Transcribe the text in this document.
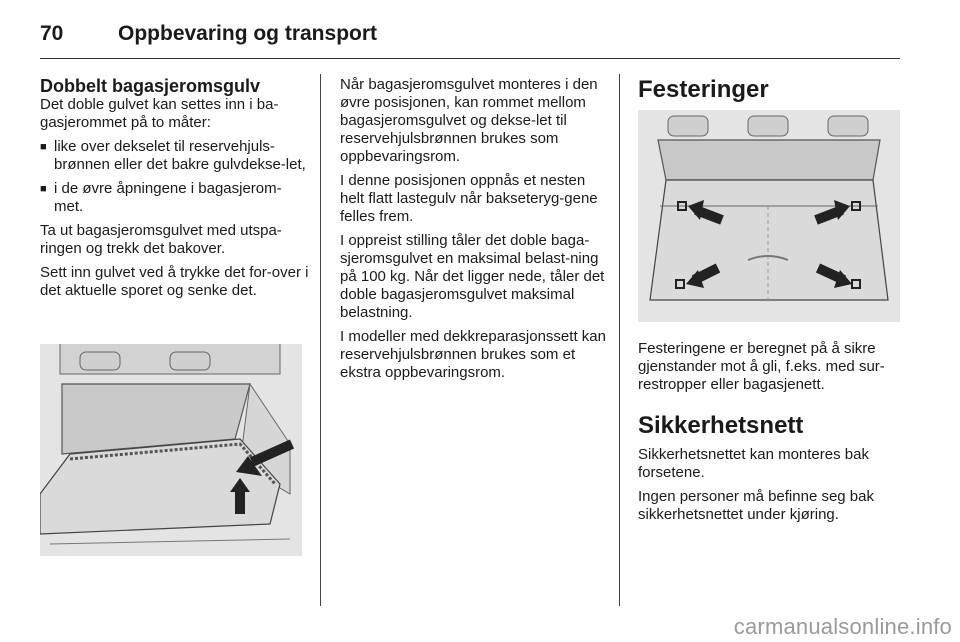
70	Oppbevaring og transport
Dobbelt bagasjeromsgulv

Det doble gulvet kan settes inn i ba-gasjerommet på to måter:

■ like over dekselet til reservehjuls-brønnen eller det bakre gulvdekse-let,
■ i de øvre åpningene i bagasjerom-met.

Ta ut bagasjeromsgulvet med utspa-ringen og trekk det bakover.

Sett inn gulvet ved å trykke det for-over i det aktuelle sporet og senke det.

Når bagasjeromsgulvet monteres i den øvre posisjonen, kan rommet mellom bagasjeromsgulvet og dekse-let til reservehjulsbrønnen brukes som oppbevaringsrom.

I denne posisjonen oppnås et nesten helt flatt lastegulv når bakseteryg-gene felles frem.

I oppreist stilling tåler det doble baga-sjeromsgulvet en maksimal belast-ning på 100 kg. Når det ligger nede, tåler det doble bagasjeromsgulvet maksimal belastning.

I modeller med dekkreparasjonssett kan reservehjulsbrønnen brukes som et ekstra oppbevaringsrom.

Festeringer

Festeringene er beregnet på å sikre gjenstander mot å gli, f.eks. med sur-restropper eller bagasjenett.

Sikkerhetsnett

Sikkerhetsnettet kan monteres bak forsetene.

Ingen personer må befinne seg bak sikkerhetsnettet under kjøring.

carmanualsonline.info
